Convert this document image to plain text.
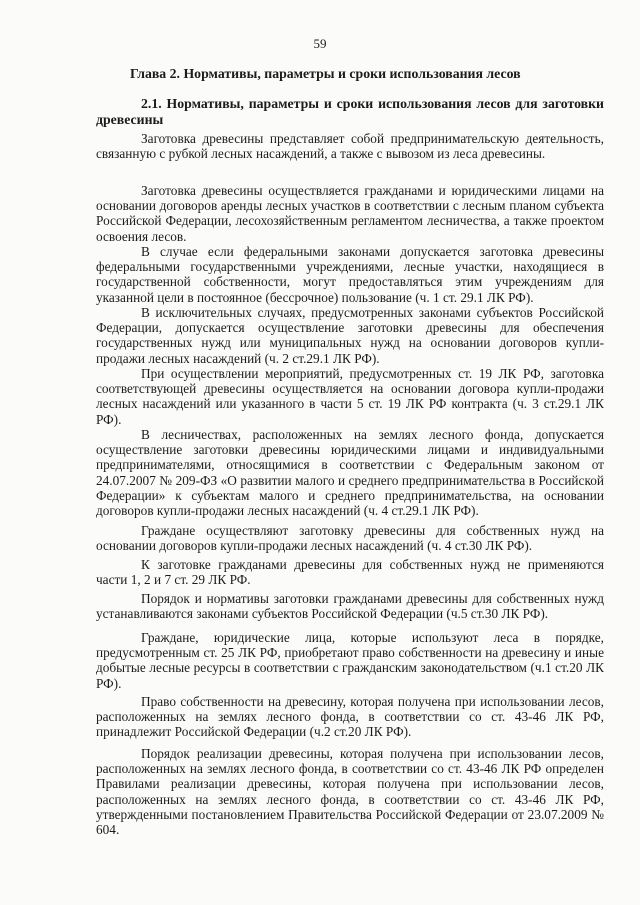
59
Глава 2. Нормативы, параметры и сроки использования лесов
2.1. Нормативы, параметры и сроки использования лесов для заготовки древесины

Заготовка древесины представляет собой предпринимательскую деятельность, связанную с рубкой лесных насаждений, а также с вывозом из леса древесины.

Заготовка древесины осуществляется гражданами и юридическими лицами на основании договоров аренды лесных участков в соответствии с лесным планом субъекта Российской Федерации, лесохозяйственным регламентом лесничества, а также проектом освоения лесов.

В случае если федеральными законами допускается заготовка древесины федеральными государственными учреждениями, лесные участки, находящиеся в государственной собственности, могут предоставляться этим учреждениям для указанной цели в постоянное (бессрочное) пользование (ч. 1 ст. 29.1 ЛК РФ).

В исключительных случаях, предусмотренных законами субъектов Российской Федерации, допускается осуществление заготовки древесины для обеспечения государственных нужд или муниципальных нужд на основании договоров купли-продажи лесных насаждений (ч. 2 ст.29.1 ЛК РФ).

При осуществлении мероприятий, предусмотренных ст. 19 ЛК РФ, заготовка соответствующей древесины осуществляется на основании договора купли-продажи лесных насаждений или указанного в части 5 ст. 19 ЛК РФ контракта (ч. 3 ст.29.1 ЛК РФ).

В лесничествах, расположенных на землях лесного фонда, допускается осуществление заготовки древесины юридическими лицами и индивидуальными предпринимателями, относящимися в соответствии с Федеральным законом от 24.07.2007 № 209-ФЗ «О развитии малого и среднего предпринимательства в Российской Федерации» к субъектам малого и среднего предпринимательства, на основании договоров купли-продажи лесных насаждений (ч. 4 ст.29.1 ЛК РФ).

Граждане осуществляют заготовку древесины для собственных нужд на основании договоров купли-продажи лесных насаждений (ч. 4 ст.30 ЛК РФ).

К заготовке гражданами древесины для собственных нужд не применяются части 1, 2 и 7 ст. 29 ЛК РФ.

Порядок и нормативы заготовки гражданами древесины для собственных нужд устанавливаются законами субъектов Российской Федерации (ч.5 ст.30 ЛК РФ).

Граждане, юридические лица, которые используют леса в порядке, предусмотренным ст. 25 ЛК РФ, приобретают право собственности на древесину и иные добытые лесные ресурсы в соответствии с гражданским законодательством (ч.1 ст.20 ЛК РФ).

Право собственности на древесину, которая получена при использовании лесов, расположенных на землях лесного фонда, в соответствии со ст. 43-46 ЛК РФ, принадлежит Российской Федерации (ч.2 ст.20 ЛК РФ).

Порядок реализации древесины, которая получена при использовании лесов, расположенных на землях лесного фонда, в соответствии со ст. 43-46 ЛК РФ определен Правилами реализации древесины, которая получена при использовании лесов, расположенных на землях лесного фонда, в соответствии со ст. 43-46 ЛК РФ, утвержденными постановлением Правительства Российской Федерации от 23.07.2009 № 604.
